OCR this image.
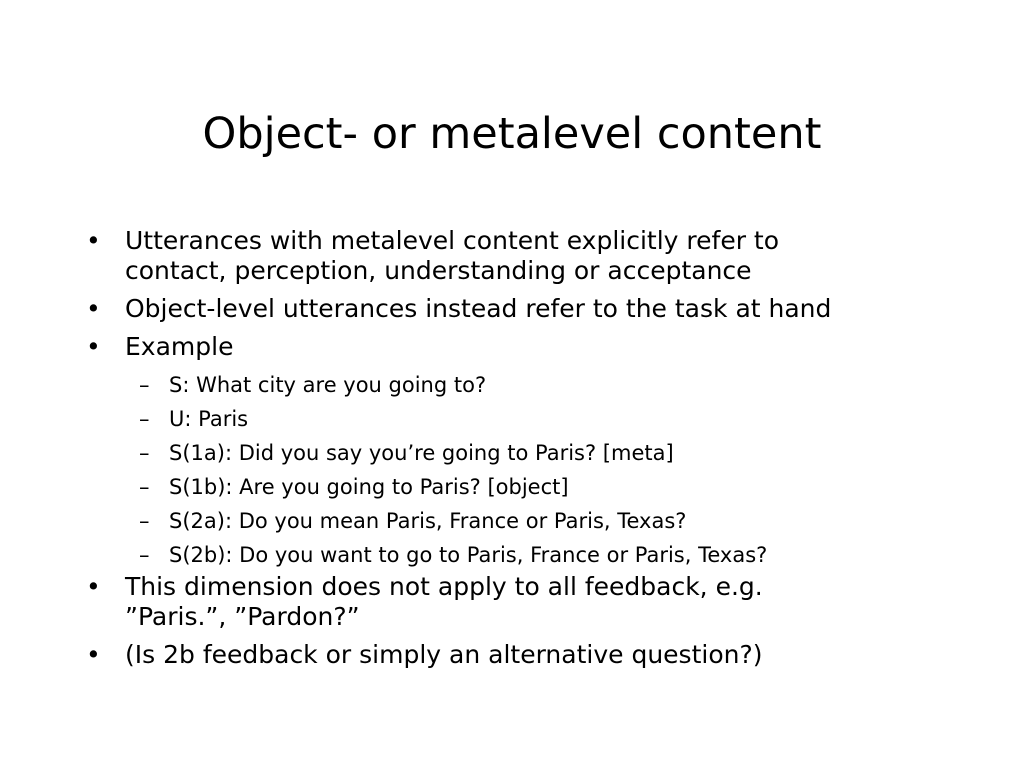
Object- or metalevel content
• Utterances with metalevel content explicitly refer to
contact, perception, understanding or acceptance
• Object-level utterances instead refer to the task at hand
• Example
– S: What city are you going to?
– U: Paris
– S(1a): Did you say you’re going to Paris? [meta]
– S(1b): Are you going to Paris? [object]
– S(2a): Do you mean Paris, France or Paris, Texas?
– S(2b): Do you want to go to Paris, France or Paris, Texas?
• This dimension does not apply to all feedback, e.g.
”Paris.”, ”Pardon?”
• (Is 2b feedback or simply an alternative question?)
